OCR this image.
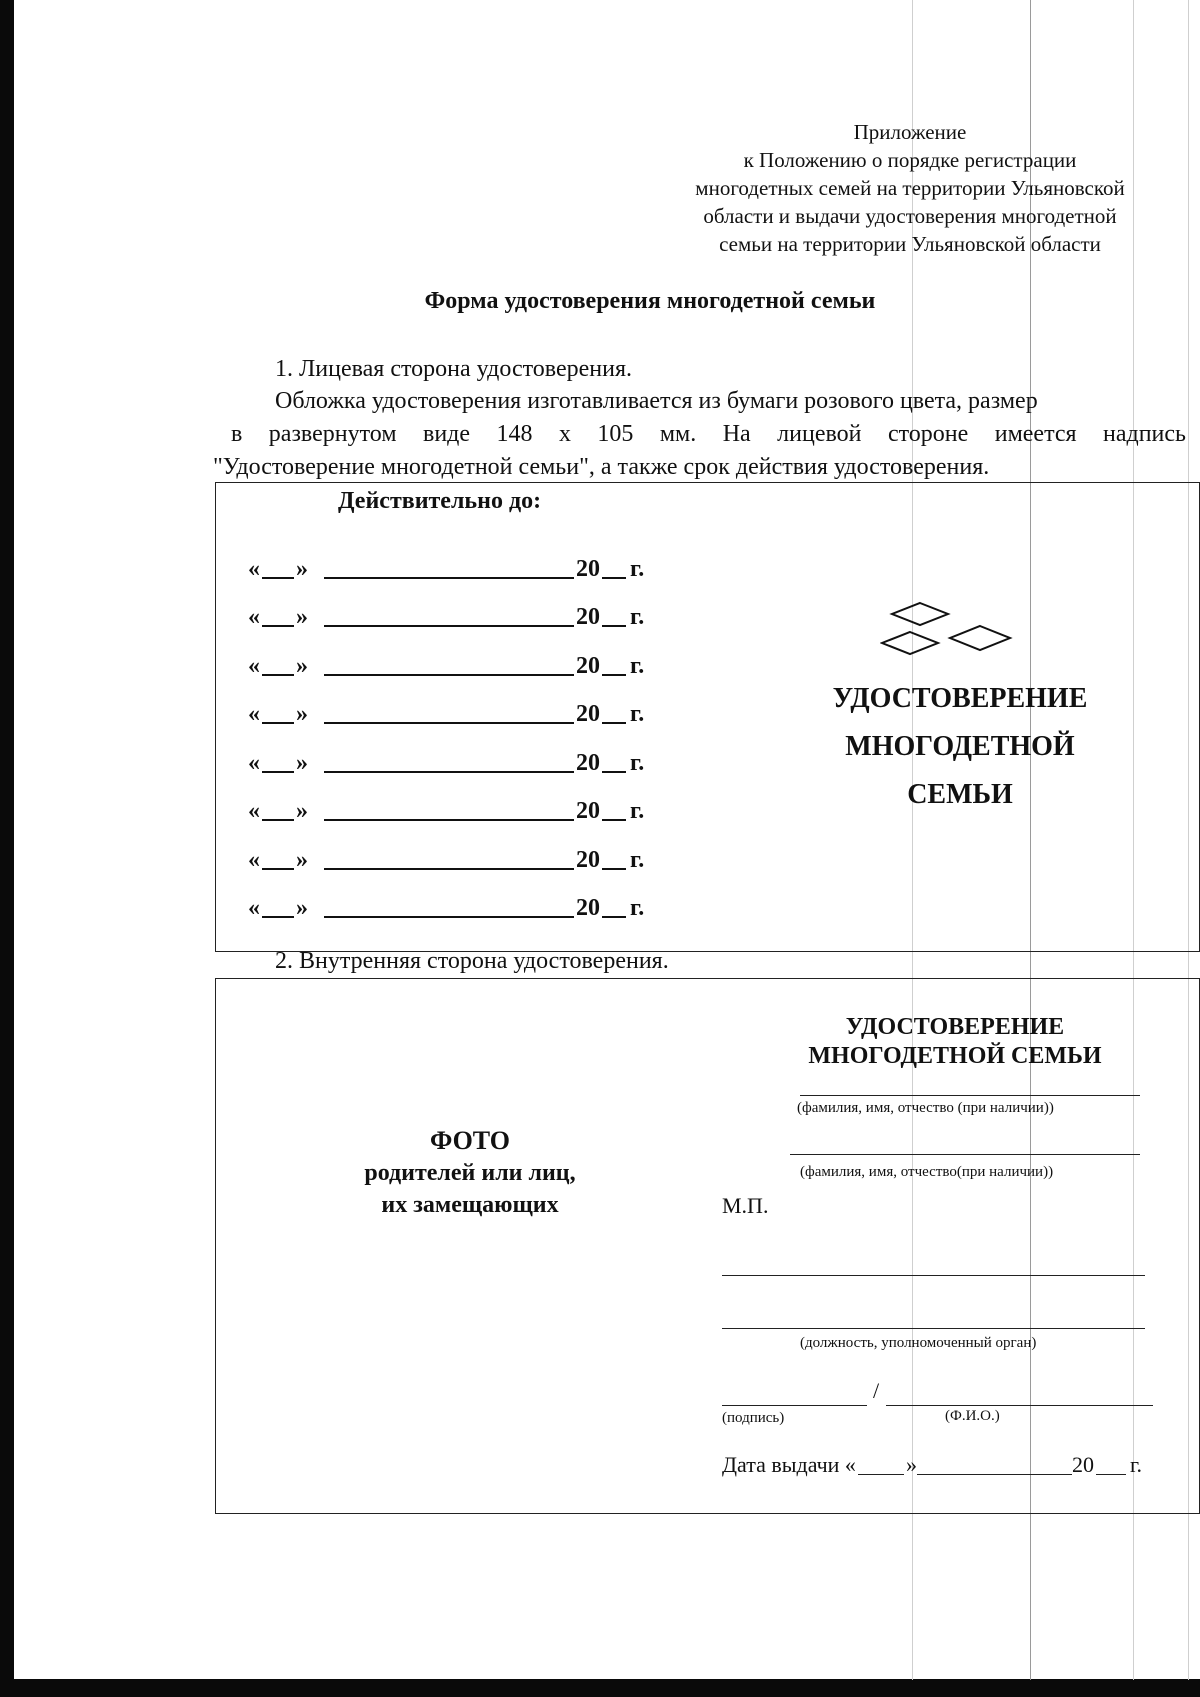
Приложение
к Положению о порядке регистрации
многодетных семей на территории Ульяновской
области и выдачи удостоверения многодетной
семьи на территории Ульяновской области
Форма удостоверения многодетной семьи
1. Лицевая сторона удостоверения.
Обложка удостоверения изготавливается из бумаги розового цвета, размер
в развернутом виде 148 х 105 мм. На лицевой стороне имеется надпись
"Удостоверение многодетной семьи", а также срок действия удостоверения.
Действительно до:
« »	20 г.
« »	20 г.
« »	20 г.
« »	20 г.
« »	20 г.
« »	20 г.
« »	20 г.
« »	20 г.
УДОСТОВЕРЕНИЕ
МНОГОДЕТНОЙ
СЕМЬИ
2. Внутренняя сторона удостоверения.
ФОТО
родителей или лиц,
их замещающих
УДОСТОВЕРЕНИЕ
МНОГОДЕТНОЙ СЕМЬИ
(фамилия, имя, отчество (при наличии))
(фамилия, имя, отчество(при наличии))
М.П.
(должность, уполномоченный орган)
/
(подпись)	(Ф.И.О.)
Дата выдачи « »	20 г.
